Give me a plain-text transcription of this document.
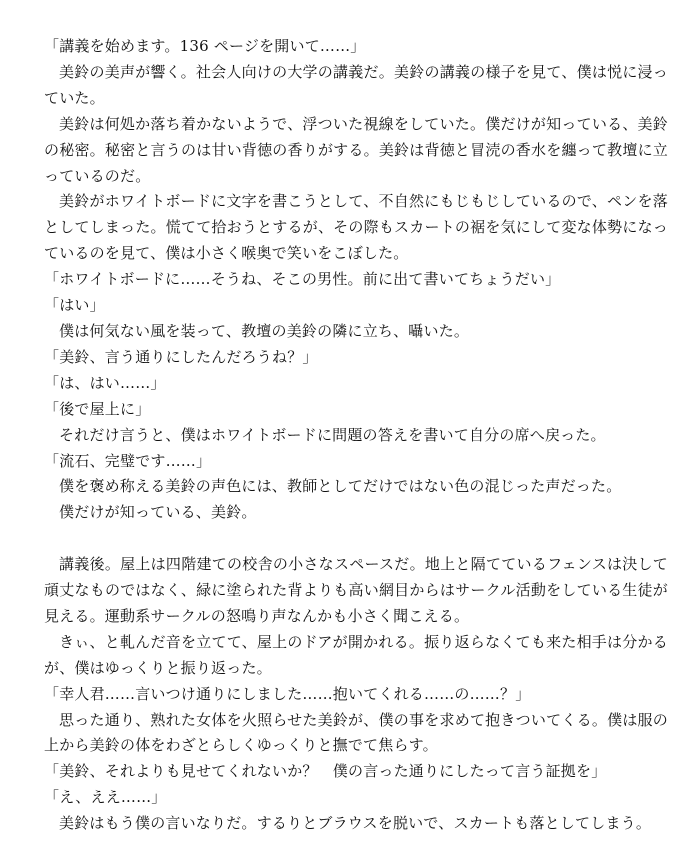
「講義を始めます。136 ページを開いて……」

美鈴の美声が響く。社会人向けの大学の講義だ。美鈴の講義の様子を見て、僕は悦に浸っていた。

美鈴は何処か落ち着かないようで、浮ついた視線をしていた。僕だけが知っている、美鈴の秘密。秘密と言うのは甘い背徳の香りがする。美鈴は背徳と冒涜の香水を纏って教壇に立っているのだ。

美鈴がホワイトボードに文字を書こうとして、不自然にもじもじしているので、ペンを落としてしまった。慌てて拾おうとするが、その際もスカートの裾を気にして変な体勢になっているのを見て、僕は小さく喉奥で笑いをこぼした。

「ホワイトボードに……そうね、そこの男性。前に出て書いてちょうだい」

「はい」

僕は何気ない風を装って、教壇の美鈴の隣に立ち、囁いた。

「美鈴、言う通りにしたんだろうね？」

「は、はい……」

「後で屋上に」

それだけ言うと、僕はホワイトボードに問題の答えを書いて自分の席へ戻った。

「流石、完璧です……」

僕を褒め称える美鈴の声色には、教師としてだけではない色の混じった声だった。

僕だけが知っている、美鈴。

講義後。屋上は四階建ての校舎の小さなスペースだ。地上と隔てているフェンスは決して頑丈なものではなく、緑に塗られた背よりも高い網目からはサークル活動をしている生徒が見える。運動系サークルの怒鳴り声なんかも小さく聞こえる。

きぃ、と軋んだ音を立てて、屋上のドアが開かれる。振り返らなくても来た相手は分かるが、僕はゆっくりと振り返った。

「幸人君……言いつけ通りにしました……抱いてくれる……の……？」

思った通り、熟れた女体を火照らせた美鈴が、僕の事を求めて抱きついてくる。僕は服の上から美鈴の体をわざとらしくゆっくりと撫でて焦らす。

「美鈴、それよりも見せてくれないか？　僕の言った通りにしたって言う証拠を」

「え、ええ……」

美鈴はもう僕の言いなりだ。するりとブラウスを脱いで、スカートも落としてしまう。
